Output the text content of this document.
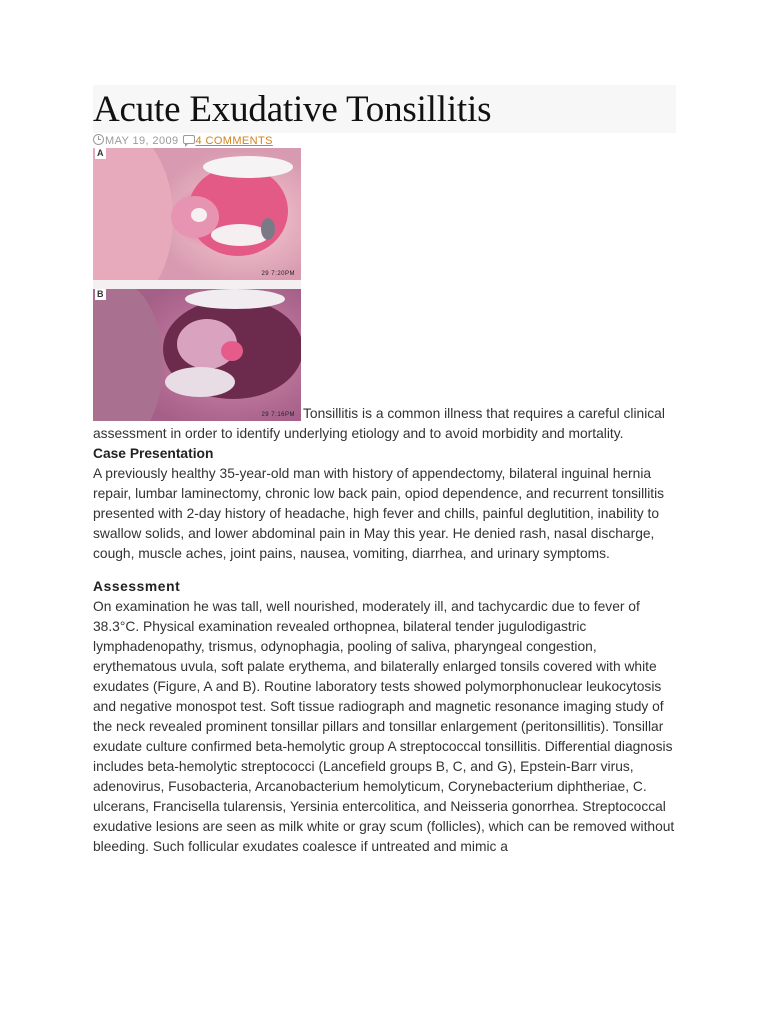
Acute Exudative Tonsillitis
MAY 19, 2009 4 COMMENTS
A
29 7:20PM
B
29 7:16PM Tonsillitis is a common illness that requires a careful clinical assessment in order to identify underlying etiology and to avoid morbidity and mortality.

Case Presentation

A previously healthy 35-year-old man with history of appendectomy, bilateral inguinal hernia repair, lumbar laminectomy, chronic low back pain, opiod dependence, and recurrent tonsillitis presented with 2-day history of headache, high fever and chills, painful deglutition, inability to swallow solids, and lower abdominal pain in May this year. He denied rash, nasal discharge, cough, muscle aches, joint pains, nausea, vomiting, diarrhea, and urinary symptoms.

Assessment

On examination he was tall, well nourished, moderately ill, and tachycardic due to fever of 38.3°C. Physical examination revealed orthopnea, bilateral tender jugulodigastric lymphadenopathy, trismus, odynophagia, pooling of saliva, pharyngeal congestion, erythematous uvula, soft palate erythema, and bilaterally enlarged tonsils covered with white exudates (Figure, A and B). Routine laboratory tests showed polymorphonuclear leukocytosis and negative monospot test. Soft tissue radiograph and magnetic resonance imaging study of the neck revealed prominent tonsillar pillars and tonsillar enlargement (peritonsillitis). Tonsillar exudate culture confirmed beta-hemolytic group A streptococcal tonsillitis. Differential diagnosis includes beta-hemolytic streptococci (Lancefield groups B, C, and G), Epstein-Barr virus, adenovirus, Fusobacteria, Arcanobacterium hemolyticum, Corynebacterium diphtheriae, C. ulcerans, Francisella tularensis, Yersinia entercolitica, and Neisseria gonorrhea. Streptococcal exudative lesions are seen as milk white or gray scum (follicles), which can be removed without bleeding. Such follicular exudates coalesce if untreated and mimic a
